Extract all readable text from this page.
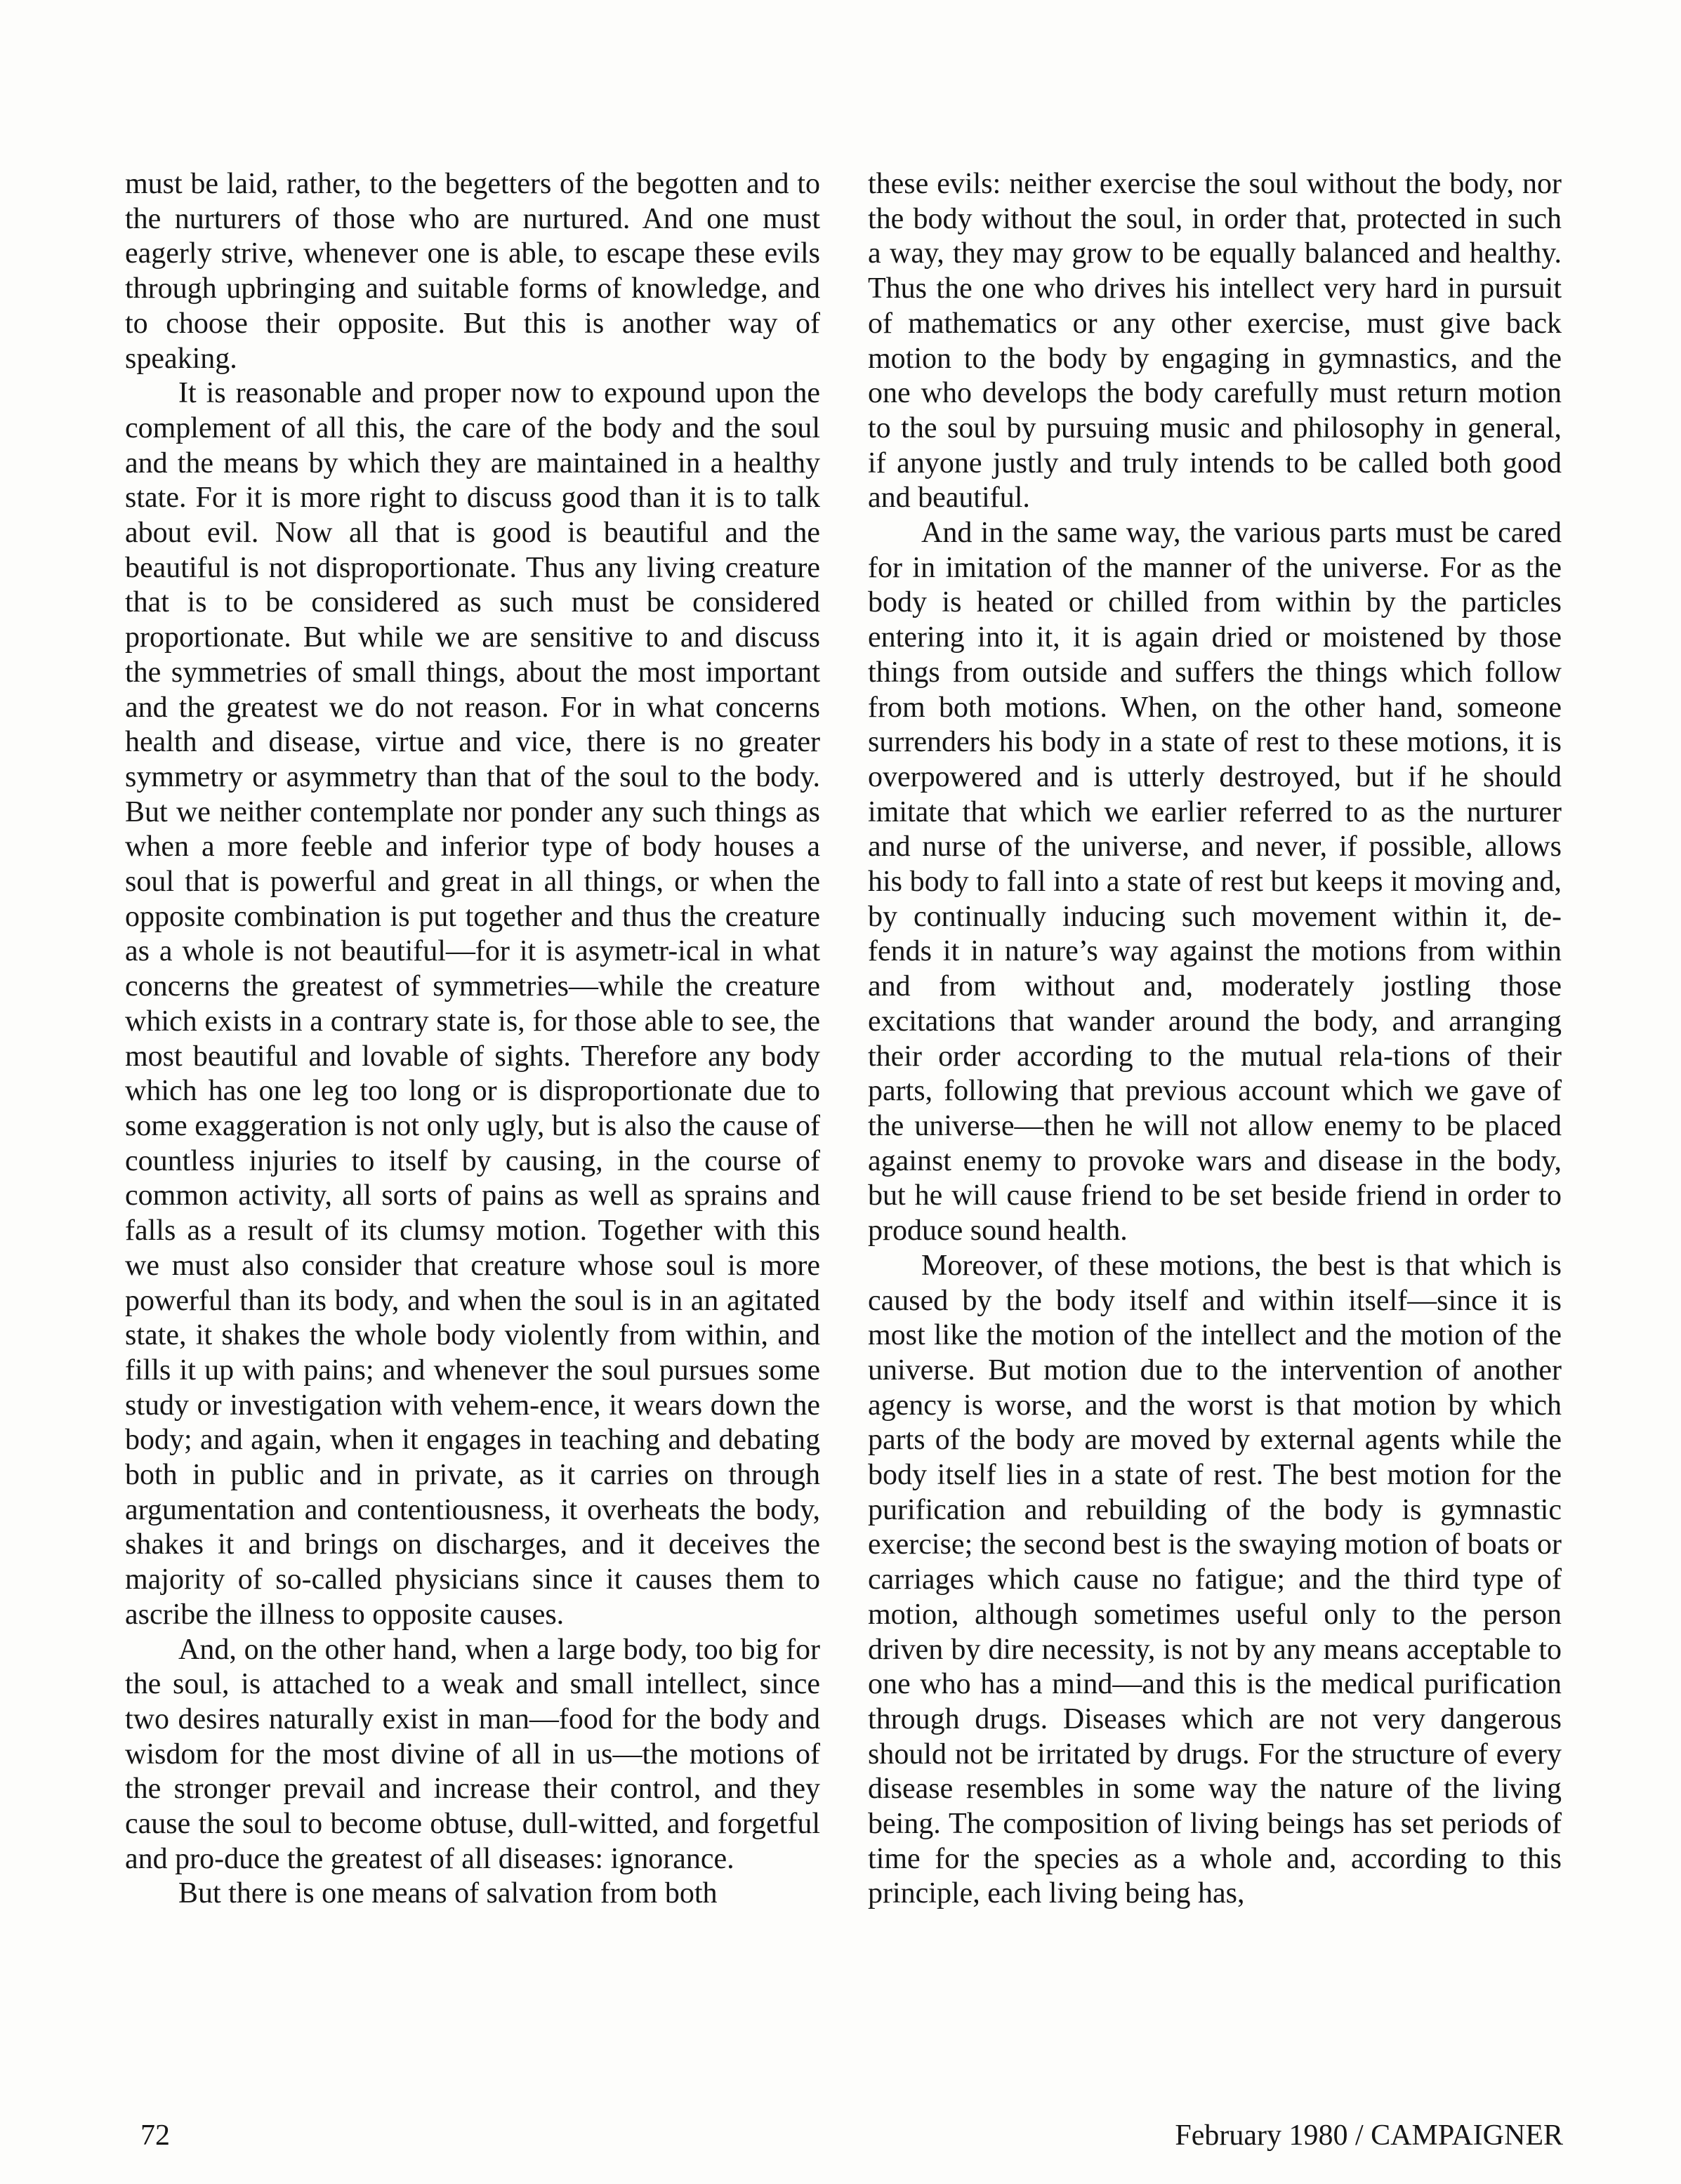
must be laid, rather, to the begetters of the begotten and to the nurturers of those who are nurtured. And one must eagerly strive, whenever one is able, to escape these evils through upbringing and suitable forms of knowledge, and to choose their opposite. But this is another way of speaking.

It is reasonable and proper now to expound upon the complement of all this, the care of the body and the soul and the means by which they are maintained in a healthy state. For it is more right to discuss good than it is to talk about evil. Now all that is good is beautiful and the beautiful is not disproportionate. Thus any living creature that is to be considered as such must be considered proportionate. But while we are sensitive to and discuss the symmetries of small things, about the most important and the greatest we do not reason. For in what concerns health and disease, virtue and vice, there is no greater symmetry or asymmetry than that of the soul to the body. But we neither contemplate nor ponder any such things as when a more feeble and inferior type of body houses a soul that is powerful and great in all things, or when the opposite combination is put together and thus the creature as a whole is not beautiful—for it is asymetr-ical in what concerns the greatest of symmetries—while the creature which exists in a contrary state is, for those able to see, the most beautiful and lovable of sights. Therefore any body which has one leg too long or is disproportionate due to some exaggeration is not only ugly, but is also the cause of countless injuries to itself by causing, in the course of common activity, all sorts of pains as well as sprains and falls as a result of its clumsy motion. Together with this we must also consider that creature whose soul is more powerful than its body, and when the soul is in an agitated state, it shakes the whole body violently from within, and fills it up with pains; and whenever the soul pursues some study or investigation with vehem-ence, it wears down the body; and again, when it engages in teaching and debating both in public and in private, as it carries on through argumentation and contentiousness, it overheats the body, shakes it and brings on discharges, and it deceives the majority of so-called physicians since it causes them to ascribe the illness to opposite causes.

And, on the other hand, when a large body, too big for the soul, is attached to a weak and small intellect, since two desires naturally exist in man—food for the body and wisdom for the most divine of all in us—the motions of the stronger prevail and increase their control, and they cause the soul to become obtuse, dull-witted, and forgetful and pro-duce the greatest of all diseases: ignorance.

But there is one means of salvation from both

these evils: neither exercise the soul without the body, nor the body without the soul, in order that, protected in such a way, they may grow to be equally balanced and healthy. Thus the one who drives his intellect very hard in pursuit of mathematics or any other exercise, must give back motion to the body by engaging in gymnastics, and the one who develops the body carefully must return motion to the soul by pursuing music and philosophy in general, if anyone justly and truly intends to be called both good and beautiful.

And in the same way, the various parts must be cared for in imitation of the manner of the universe. For as the body is heated or chilled from within by the particles entering into it, it is again dried or moistened by those things from outside and suffers the things which follow from both motions. When, on the other hand, someone surrenders his body in a state of rest to these motions, it is overpowered and is utterly destroyed, but if he should imitate that which we earlier referred to as the nurturer and nurse of the universe, and never, if possible, allows his body to fall into a state of rest but keeps it moving and, by continually inducing such movement within it, de-fends it in nature’s way against the motions from within and from without and, moderately jostling those excitations that wander around the body, and arranging their order according to the mutual rela-tions of their parts, following that previous account which we gave of the universe—then he will not allow enemy to be placed against enemy to provoke wars and disease in the body, but he will cause friend to be set beside friend in order to produce sound health.

Moreover, of these motions, the best is that which is caused by the body itself and within itself—since it is most like the motion of the intellect and the motion of the universe. But motion due to the intervention of another agency is worse, and the worst is that motion by which parts of the body are moved by external agents while the body itself lies in a state of rest. The best motion for the purification and rebuilding of the body is gymnastic exercise; the second best is the swaying motion of boats or carriages which cause no fatigue; and the third type of motion, although sometimes useful only to the person driven by dire necessity, is not by any means acceptable to one who has a mind—and this is the medical purification through drugs. Diseases which are not very dangerous should not be irritated by drugs. For the structure of every disease resembles in some way the nature of the living being. The composition of living beings has set periods of time for the species as a whole and, according to this principle, each living being has,

72	February 1980 / CAMPAIGNER
